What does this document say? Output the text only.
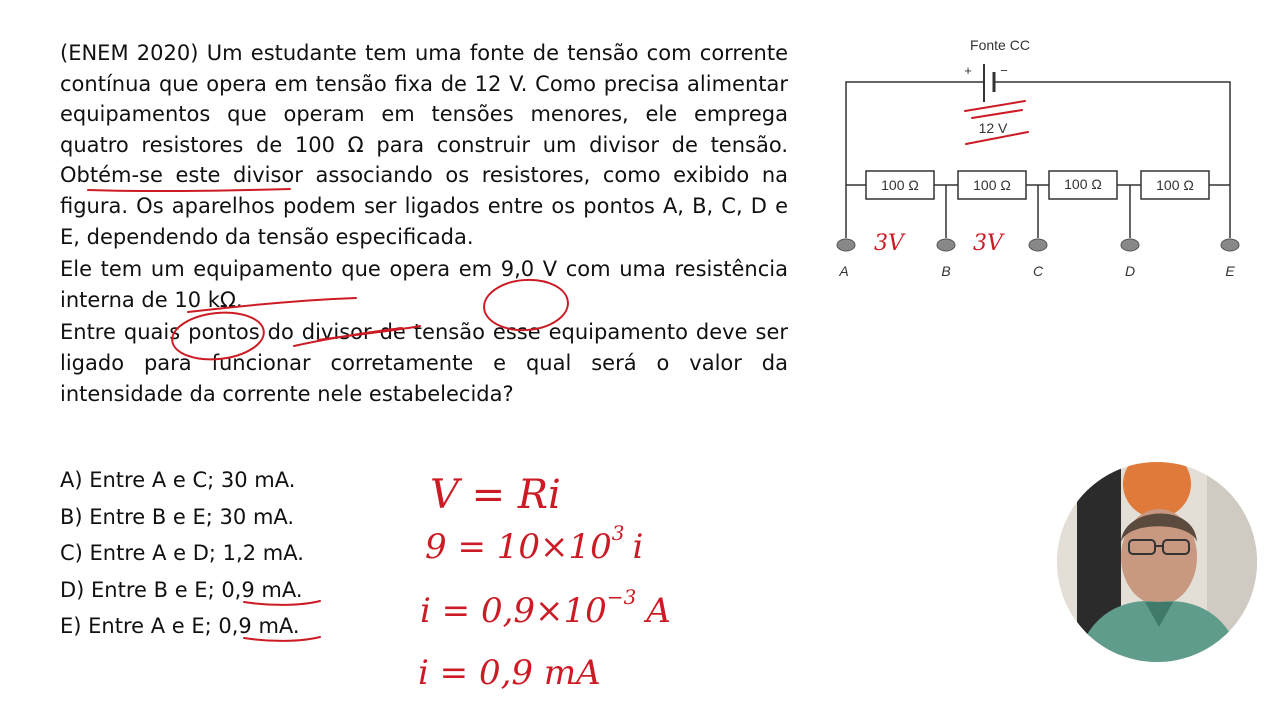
(ENEM 2020) Um estudante tem uma fonte de tensão com corrente contínua que opera em tensão fixa de 12 V. Como precisa alimentar equipamentos que operam em tensões menores, ele emprega quatro resistores de 100 Ω para construir um divisor de tensão. Obtém-se este divisor associando os resistores, como exibido na figura. Os aparelhos podem ser ligados entre os pontos A, B, C, D e E, dependendo da tensão especificada.

Ele tem um equipamento que opera em 9,0 V com uma resistência interna de 10 kΩ.

Entre quais pontos do divisor de tensão esse equipamento deve ser ligado para funcionar corretamente e qual será o valor da intensidade da corrente nele estabelecida?

A) Entre A e C; 30 mA.
B) Entre B e E; 30 mA.
C) Entre A e D; 1,2 mA.
D) Entre B e E; 0,9 mA.
E) Entre A e E; 0,9 mA.
Fonte CC
+ −
12 V
100 Ω	100 Ω	100 Ω	100 Ω
A	B	C	D	E
3V	3V
V = Ri
$9 = 10\times 10^3$ i
$i = 0,9\times 10^{-3}$ A
i = 0,9 mA
